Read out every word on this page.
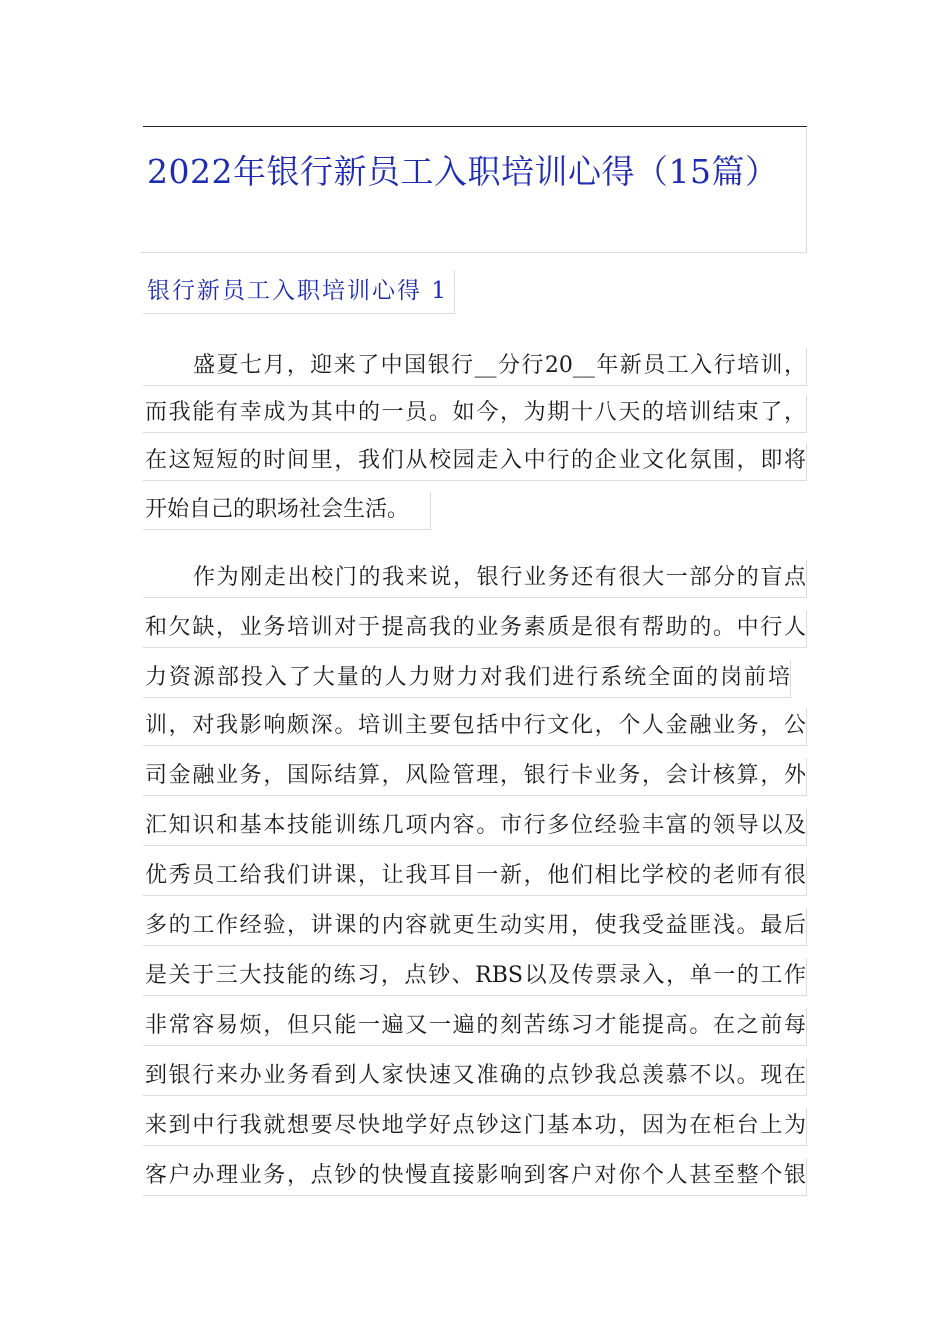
2022年银行新员工入职培训心得（15篇）
银行新员工入职培训心得 1
盛夏七月，迎来了中国银行__分行20__年新员工入行培训，
而我能有幸成为其中的一员。如今，为期十八天的培训结束了，
在这短短的时间里，我们从校园走入中行的企业文化氛围，即将
开始自己的职场社会生活。
作为刚走出校门的我来说，银行业务还有很大一部分的盲点
和欠缺，业务培训对于提高我的业务素质是很有帮助的。中行人
力资源部投入了大量的人力财力对我们进行系统全面的岗前培
训，对我影响颇深。培训主要包括中行文化，个人金融业务，公
司金融业务，国际结算，风险管理，银行卡业务，会计核算，外
汇知识和基本技能训练几项内容。市行多位经验丰富的领导以及
优秀员工给我们讲课，让我耳目一新，他们相比学校的老师有很
多的工作经验，讲课的内容就更生动实用，使我受益匪浅。最后
是关于三大技能的练习，点钞、RBS以及传票录入，单一的工作
非常容易烦，但只能一遍又一遍的刻苦练习才能提高。在之前每
到银行来办业务看到人家快速又准确的点钞我总羡慕不以。现在
来到中行我就想要尽快地学好点钞这门基本功，因为在柜台上为
客户办理业务，点钞的快慢直接影响到客户对你个人甚至整个银
